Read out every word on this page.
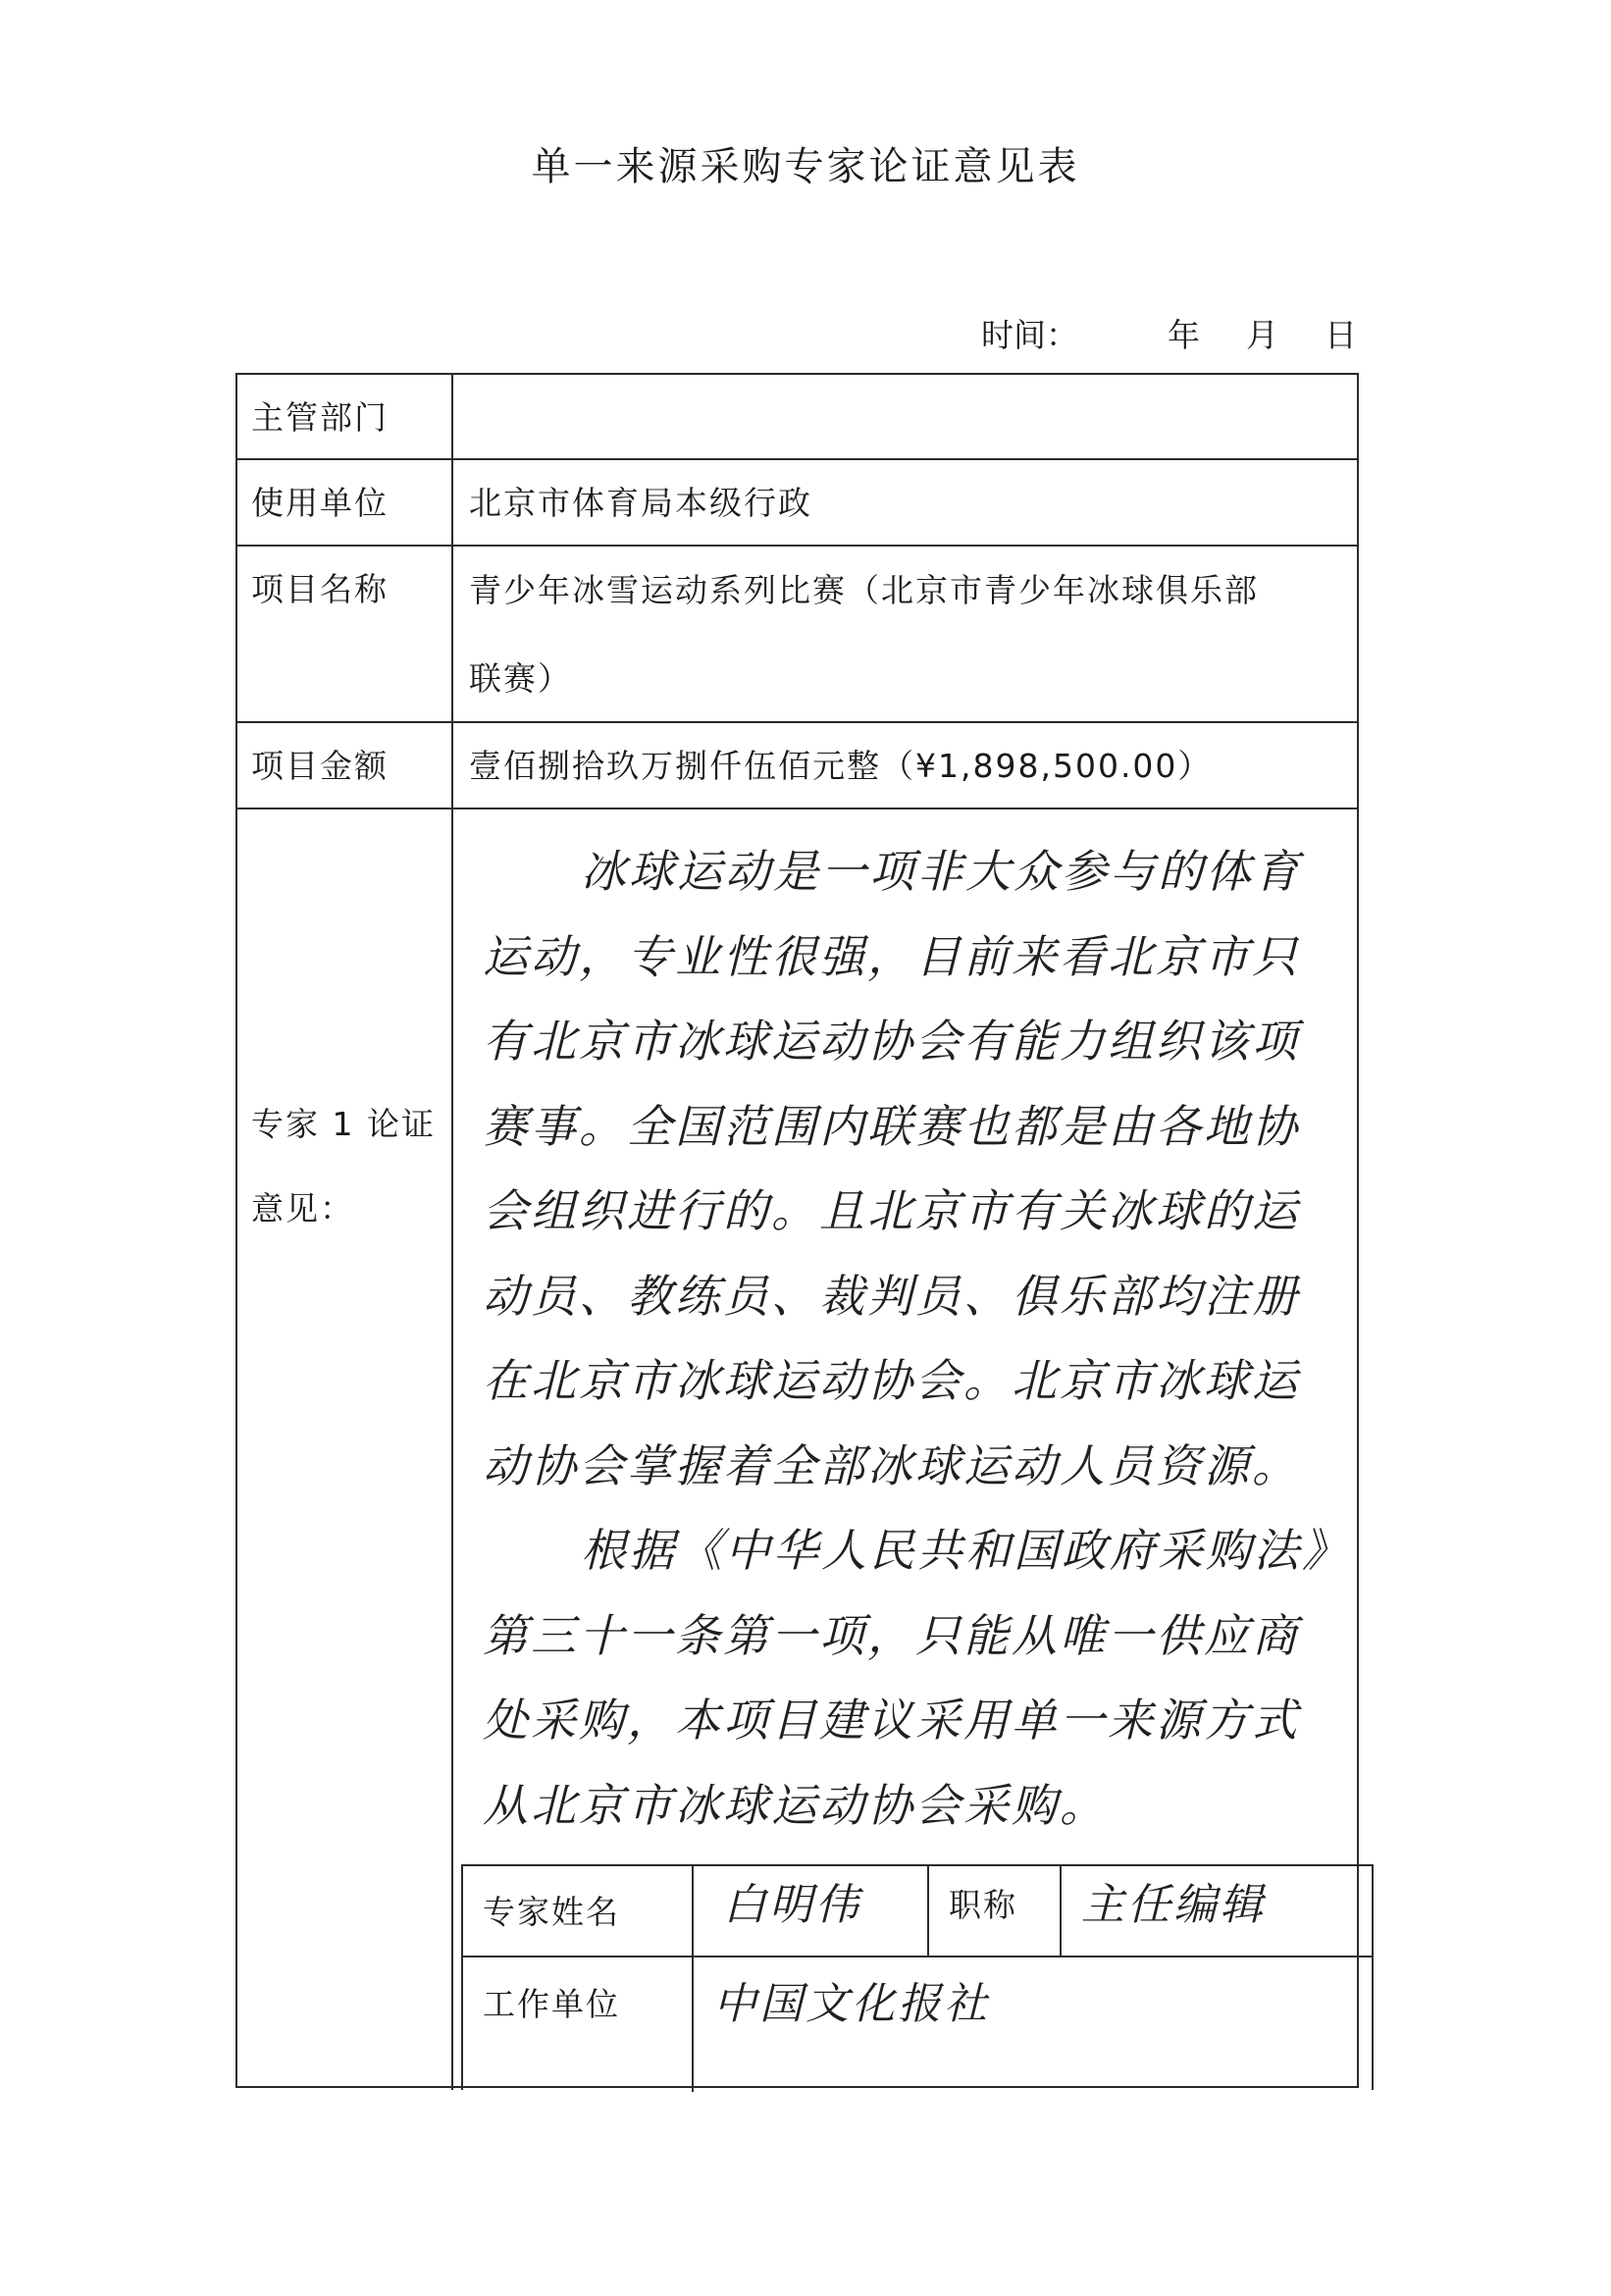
单一来源采购专家论证意见表
时间：	年 月 日
主管部门
使用单位	北京市体育局本级行政
项目名称	青少年冰雪运动系列比赛（北京市青少年冰球俱乐部
联赛）
项目金额	壹佰捌拾玖万捌仟伍佰元整（¥1,898,500.00）
专家 1 论证
意见：

冰球运动是一项非大众参与的体育运动，专业性很强，目前来看北京市只有北京市冰球运动协会有能力组织该项赛事。全国范围内联赛也都是由各地协会组织进行的。且北京市有关冰球的运动员、教练员、裁判员、俱乐部均注册在北京市冰球运动协会。北京市冰球运动协会掌握着全部冰球运动人员资源。

根据《中华人民共和国政府采购法》第三十一条第一项，只能从唯一供应商处采购，本项目建议采用单一来源方式从北京市冰球运动协会采购。

专家姓名	白明伟	职称	主任编辑
工作单位	中国文化报社
